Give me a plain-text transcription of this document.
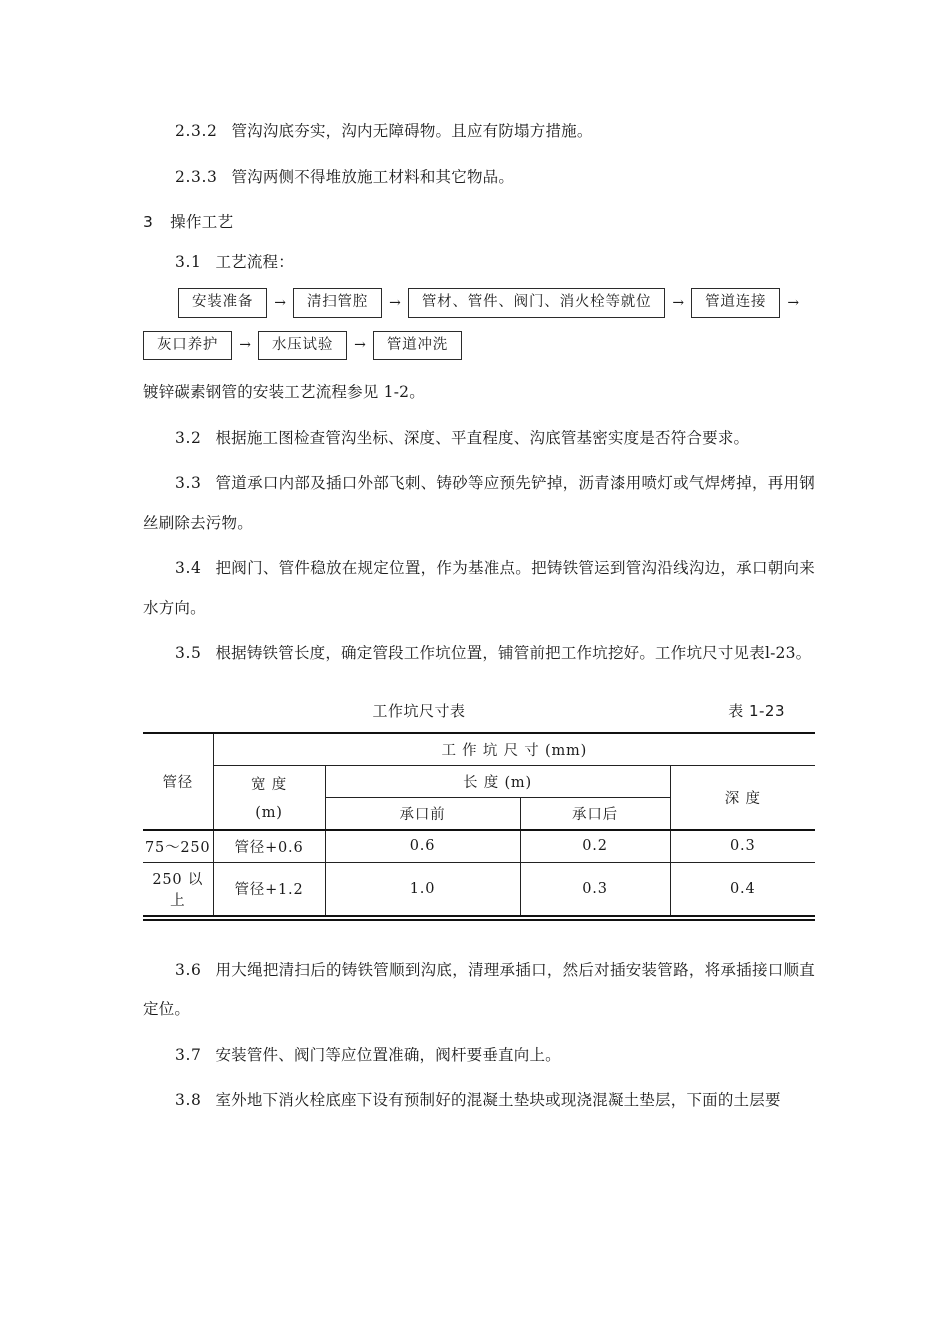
2.3.2 管沟沟底夯实，沟内无障碍物。且应有防塌方措施。

2.3.3 管沟两侧不得堆放施工材料和其它物品。

3 操作工艺

3.1 工艺流程：

安装准备	→	清扫管腔	→	管材、管件、阀门、消火栓等就位	→	管道连接	→
灰口养护	→	水压试验	→	管道冲洗

镀锌碳素钢管的安装工艺流程参见 1-2。

3.2 根据施工图检查管沟坐标、深度、平直程度、沟底管基密实度是否符合要求。

3.3 管道承口内部及插口外部飞刺、铸砂等应预先铲掉，沥青漆用喷灯或气焊烤掉，再用钢丝刷除去污物。

3.4 把阀门、管件稳放在规定位置，作为基准点。把铸铁管运到管沟沿线沟边，承口朝向来水方向。

3.5 根据铸铁管长度，确定管段工作坑位置，铺管前把工作坑挖好。工作坑尺寸见表l-23。

工作坑尺寸表	表 1-23
管径	工 作 坑 尺 寸 (mm)			

	宽 度
(m)	长 度 (m)		深 度
		承口前	承口后	
75～250	管径+0.6	0.6	0.2	0.3
250 以上	管径+1.2	1.0	0.3	0.4

3.6 用大绳把清扫后的铸铁管顺到沟底，清理承插口，然后对插安装管路，将承插接口顺直定位。

3.7 安装管件、阀门等应位置准确，阀杆要垂直向上。

3.8 室外地下消火栓底座下设有预制好的混凝土垫块或现浇混凝土垫层，下面的土层要
